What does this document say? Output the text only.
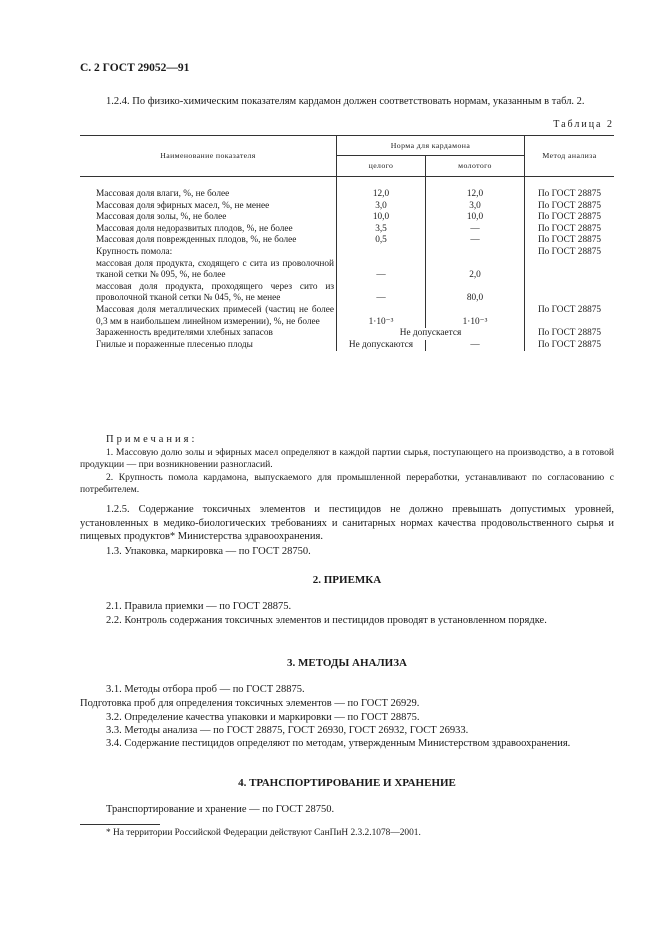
С. 2 ГОСТ 29052—91

1.2.4. По физико-химическим показателям кардамон должен соответствовать нормам, указанным в табл. 2.

Таблица 2
Наименование показателя	Норма для кардамона		Метод анализа
	целого	молотого	

Массовая доля влаги, %, не более	12,0	12,0	По ГОСТ 28875
Массовая доля эфирных масел, %, не менее	3,0	3,0	По ГОСТ 28875
Массовая доля золы, %, не более	10,0	10,0	По ГОСТ 28875
Массовая доля недоразвитых плодов, %, не более	3,5	—	По ГОСТ 28875
Массовая доля поврежденных плодов, %, не более	0,5	—	По ГОСТ 28875
Крупность помола:			По ГОСТ 28875
массовая доля продукта, сходящего с сита из проволочной тканой сетки № 095, %, не более	—	2,0	
массовая доля продукта, проходящего через сито из проволочной тканой сетки № 045, %, не менее	—	80,0	
Массовая доля металлических примесей (частиц не более 0,3 мм в наибольшем линейном измерении), %, не более	1·10⁻³	1·10⁻³	По ГОСТ 28875
Зараженность вредителями хлебных запасов	Не допускается		По ГОСТ 28875
Гнилые и пораженные плесенью плоды	Не допускаются	—	По ГОСТ 28875

Примечания:

1. Массовую долю золы и эфирных масел определяют в каждой партии сырья, поступающего на производство, а в готовой продукции — при возникновении разногласий.

2. Крупность помола кардамона, выпускаемого для промышленной переработки, устанавливают по согласованию с потребителем.

1.2.5. Содержание токсичных элементов и пестицидов не должно превышать допустимых уровней, установленных в медико-биологических требованиях и санитарных нормах качества продовольственного сырья и пищевых продуктов* Министерства здравоохранения.

1.3. Упаковка, маркировка — по ГОСТ 28750.

2. ПРИЕМКА

2.1. Правила приемки — по ГОСТ 28875.

2.2. Контроль содержания токсичных элементов и пестицидов проводят в установленном порядке.

3. МЕТОДЫ АНАЛИЗА

3.1. Методы отбора проб — по ГОСТ 28875.

Подготовка проб для определения токсичных элементов — по ГОСТ 26929.

3.2. Определение качества упаковки и маркировки — по ГОСТ 28875.

3.3. Методы анализа — по ГОСТ 28875, ГОСТ 26930, ГОСТ 26932, ГОСТ 26933.

3.4. Содержание пестицидов определяют по методам, утвержденным Министерством здравоохранения.

4. ТРАНСПОРТИРОВАНИЕ И ХРАНЕНИЕ

Транспортирование и хранение — по ГОСТ 28750.

* На территории Российской Федерации действуют СанПиН 2.3.2.1078—2001.
